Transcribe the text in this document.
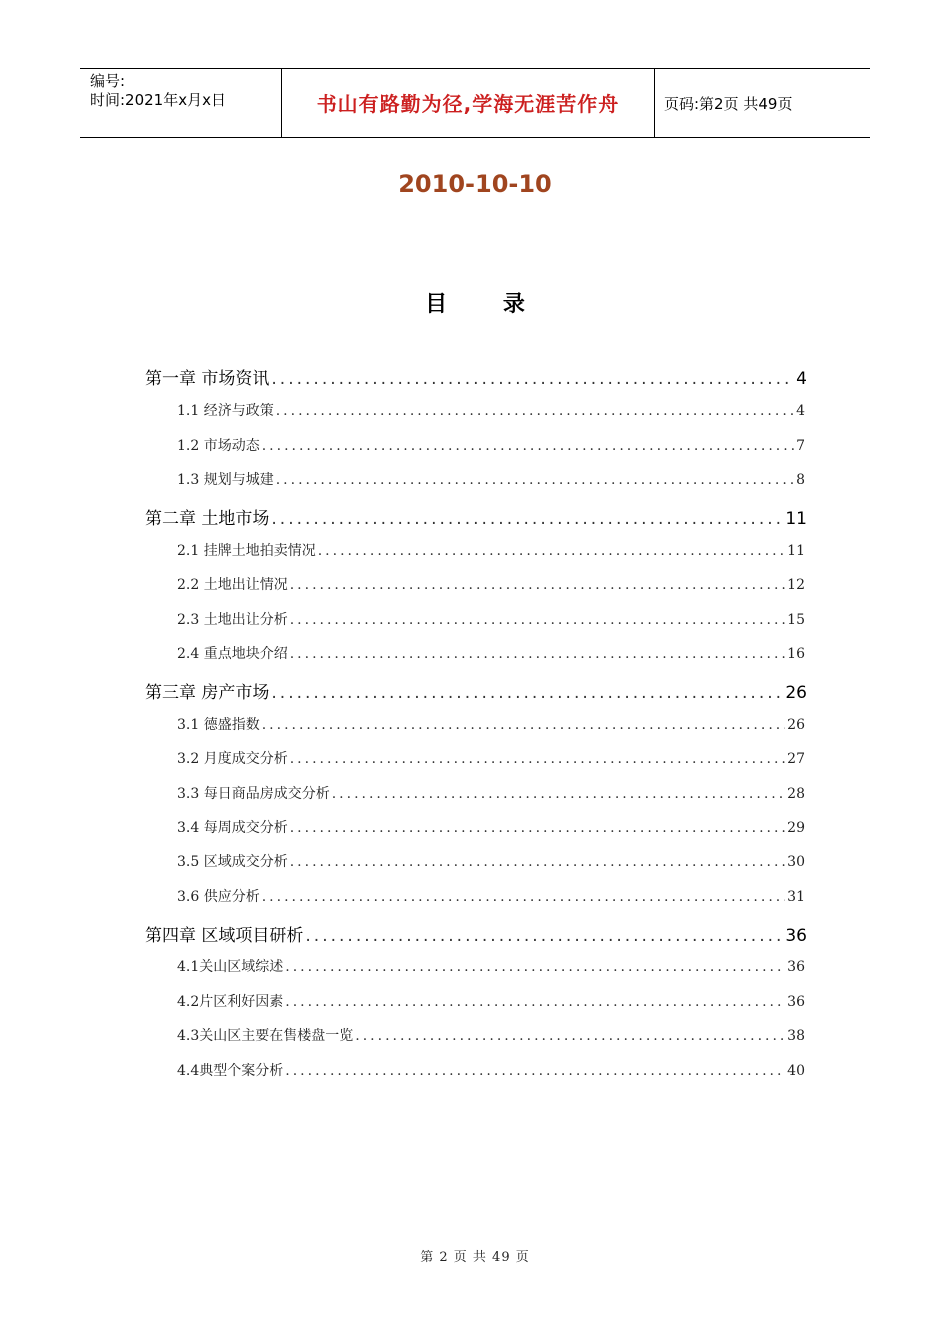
编号:
时间:2021年x月x日	书山有路勤为径,学海无涯苦作舟	页码:第2页 共49页
2010-10-10
目 录
第一章 市场资讯 .....	4
1.1 经济与政策 .....	4
1.2 市场动态 .....	7
1.3 规划与城建 .....	8
第二章 土地市场 .....	11
2.1 挂牌土地拍卖情况 .....	11
2.2 土地出让情况 .....	12
2.3 土地出让分析 .....	15
2.4 重点地块介绍 .....	16
第三章 房产市场 .....	26
3.1 德盛指数 .....	26
3.2 月度成交分析 .....	27
3.3 每日商品房成交分析 .....	28
3.4 每周成交分析 .....	29
3.5 区域成交分析 .....	30
3.6 供应分析 .....	31
第四章 区域项目研析 .....	36
4.1关山区域综述 .....	36
4.2片区利好因素 .....	36
4.3关山区主要在售楼盘一览 .....	38
4.4典型个案分析 .....	40
第 2 页 共 49 页
